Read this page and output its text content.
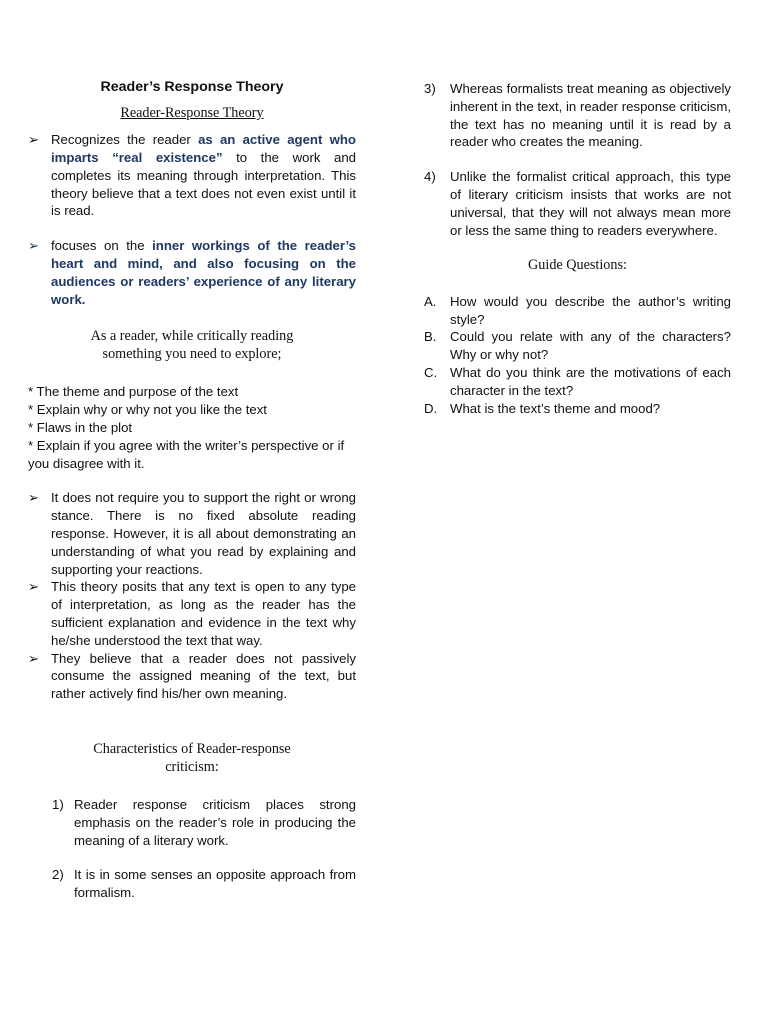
Reader’s Response Theory
Reader-Response Theory
➢ Recognizes the reader as an active agent who imparts “real existence” to the work and completes its meaning through interpretation. This theory believe that a text does not even exist until it is read.
➢ focuses on the inner workings of the reader’s heart and mind, and also focusing on the audiences or readers’ experience of any literary work.
As a reader, while critically reading something you need to explore;
* The theme and purpose of the text
* Explain why or why not you like the text
* Flaws in the plot
* Explain if you agree with the writer’s perspective or if you disagree with it.
➢ It does not require you to support the right or wrong stance. There is no fixed absolute reading response. However, it is all about demonstrating an understanding of what you read by explaining and supporting your reactions.
➢ This theory posits that any text is open to any type of interpretation, as long as the reader has the sufficient explanation and evidence in the text why he/she understood the text that way.
➢ They believe that a reader does not passively consume the assigned meaning of the text, but rather actively find his/her own meaning.
Characteristics of Reader-response criticism:
1) Reader response criticism places strong emphasis on the reader’s role in producing the meaning of a literary work.
2) It is in some senses an opposite approach from formalism.
3) Whereas formalists treat meaning as objectively inherent in the text, in reader response criticism, the text has no meaning until it is read by a reader who creates the meaning.
4) Unlike the formalist critical approach, this type of literary criticism insists that works are not universal, that they will not always mean more or less the same thing to readers everywhere.
Guide Questions:
A. How would you describe the author’s writing style?
B. Could you relate with any of the characters? Why or why not?
C. What do you think are the motivations of each character in the text?
D. What is the text’s theme and mood?
